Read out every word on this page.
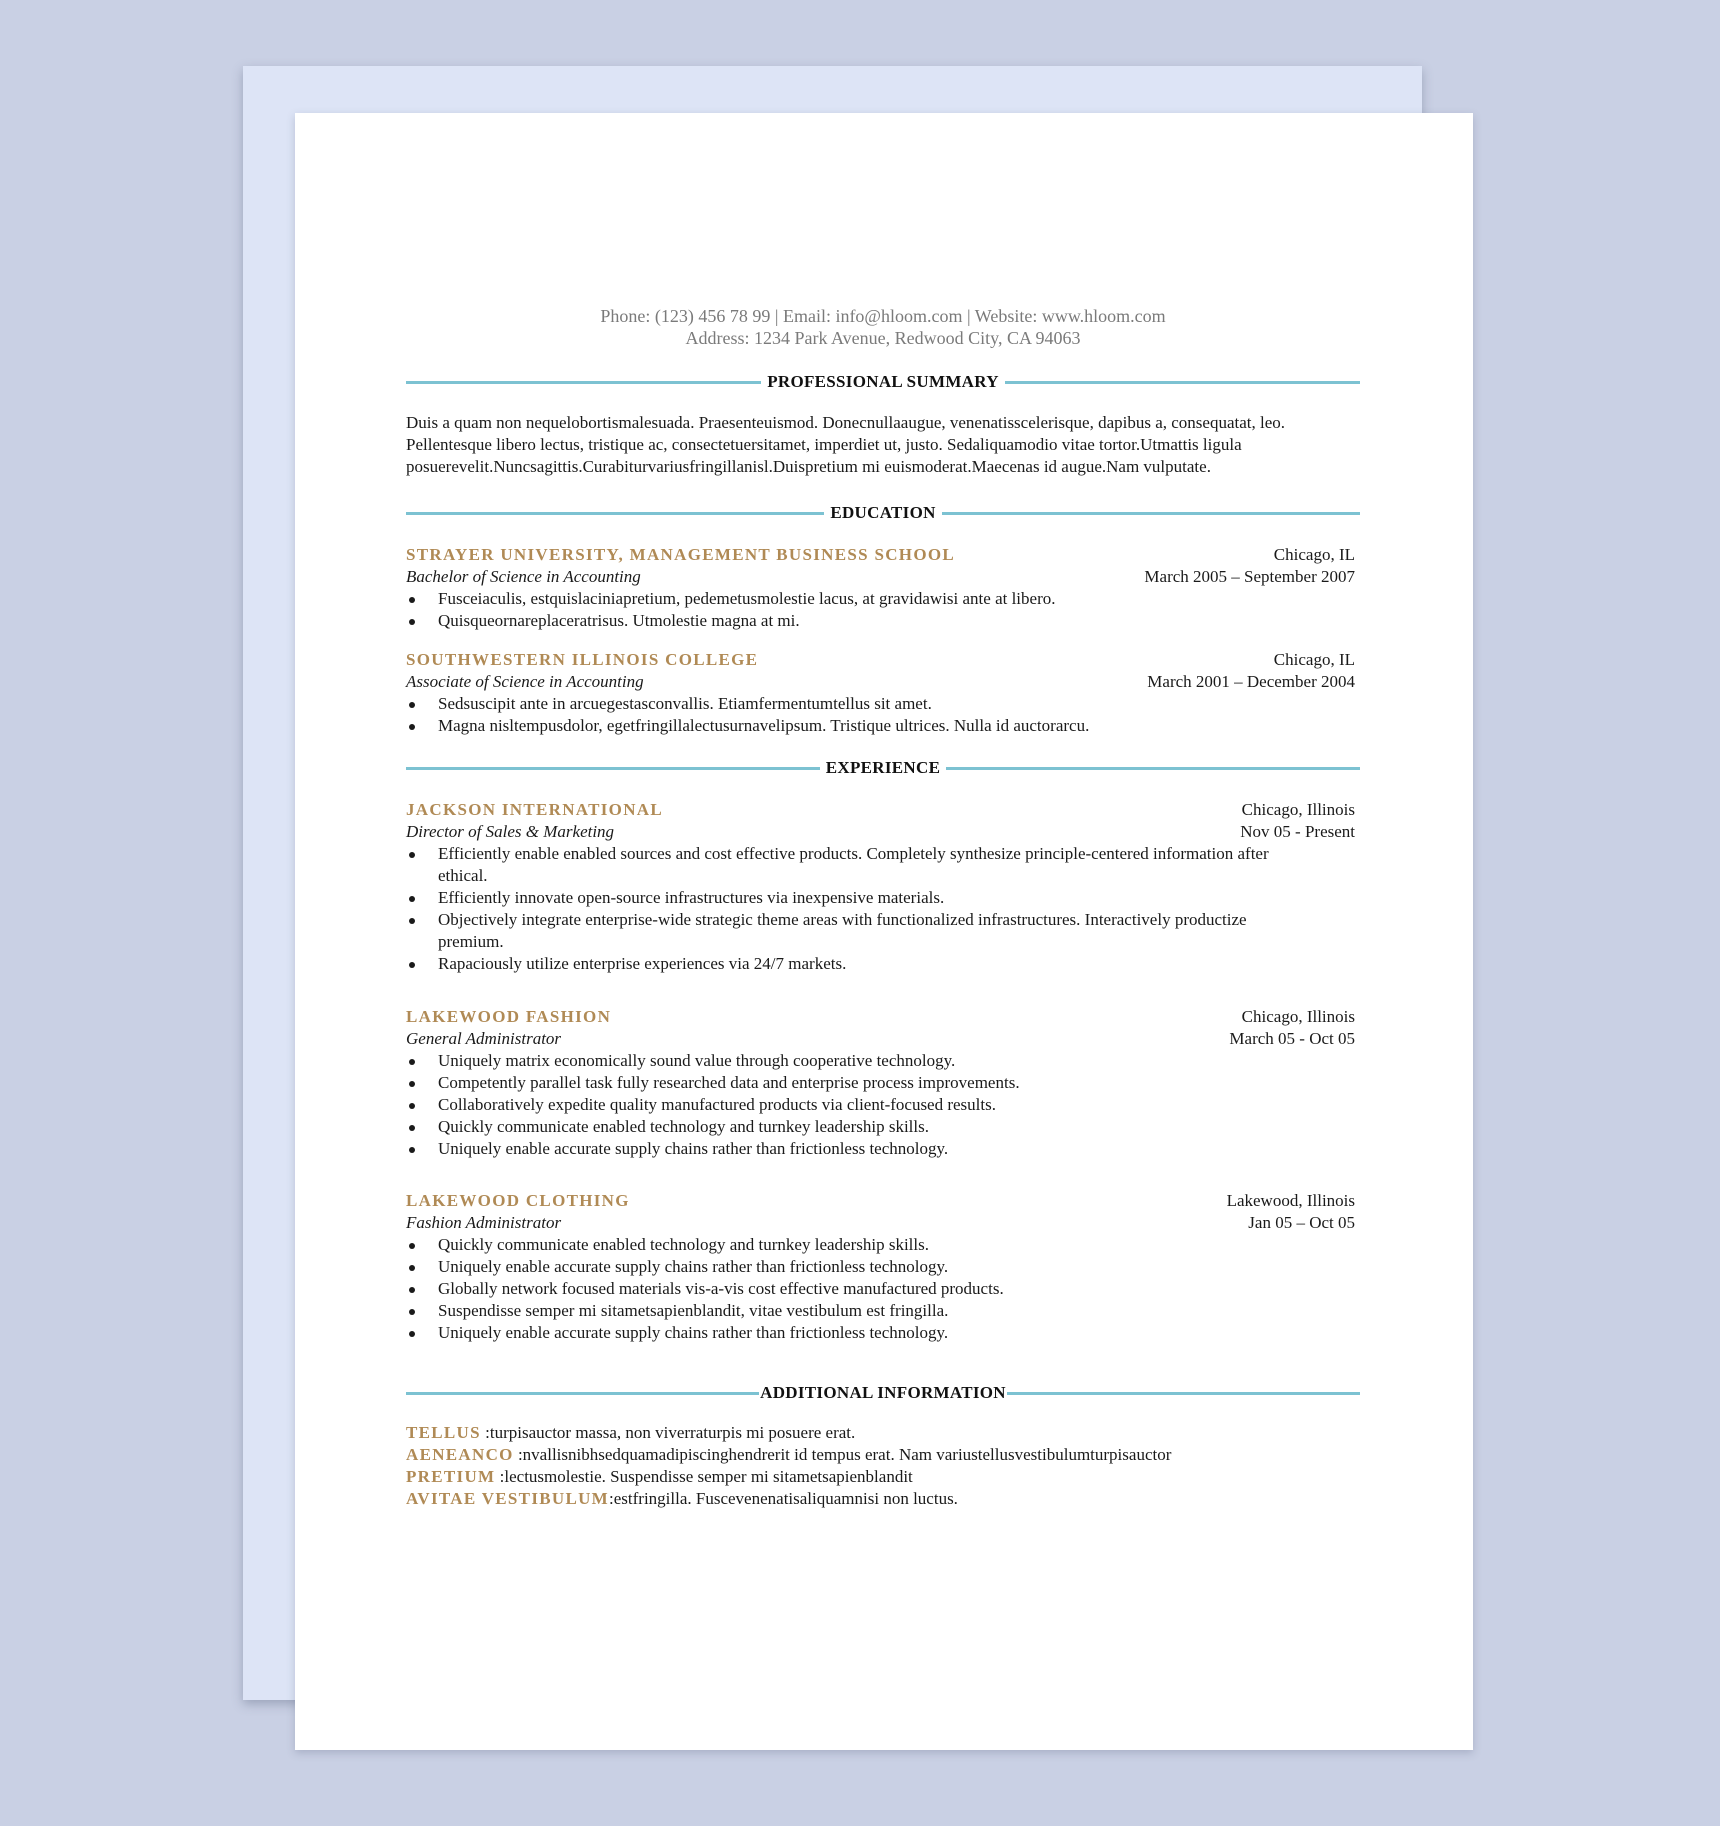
Phone: (123) 456 78 99 | Email: info@hloom.com | Website: www.hloom.com
Address: 1234 Park Avenue, Redwood City, CA 94063
PROFESSIONAL SUMMARY
Duis a quam non nequelobortismalesuada. Praesenteuismod. Donecnullaaugue, venenatisscelerisque, dapibus a, consequatat, leo. Pellentesque libero lectus, tristique ac, consectetuersitamet, imperdiet ut, justo. Sedaliquamodio vitae tortor.Utmattis ligula posuerevelit.Nuncsagittis.Curabiturvariusfringillanisl.Duispretium mi euismoderat.Maecenas id augue.Nam vulputate.
EDUCATION
STRAYER UNIVERSITY, MANAGEMENT BUSINESS SCHOOL	Chicago, IL
Bachelor of Science in Accounting	March 2005 – September 2007
Fusceiaculis, estquislaciniapretium, pedemetusmolestie lacus, at gravidawisi ante at libero.
Quisqueornareplaceratrisus. Utmolestie magna at mi.
SOUTHWESTERN ILLINOIS COLLEGE	Chicago, IL
Associate of Science in Accounting	March 2001 – December 2004
Sedsuscipit ante in arcuegestasconvallis. Etiamfermentumtellus sit amet.
Magna nisltempusdolor, egetfringillalectusurnavelipsum. Tristique ultrices. Nulla id auctorarcu.
EXPERIENCE
JACKSON INTERNATIONAL	Chicago, Illinois
Director of Sales & Marketing	Nov 05 - Present
Efficiently enable enabled sources and cost effective products. Completely synthesize principle-centered information after ethical.
Efficiently innovate open-source infrastructures via inexpensive materials.
Objectively integrate enterprise-wide strategic theme areas with functionalized infrastructures. Interactively productize premium.
Rapaciously utilize enterprise experiences via 24/7 markets.
LAKEWOOD FASHION	Chicago, Illinois
General Administrator	March 05 - Oct 05
Uniquely matrix economically sound value through cooperative technology.
Competently parallel task fully researched data and enterprise process improvements.
Collaboratively expedite quality manufactured products via client-focused results.
Quickly communicate enabled technology and turnkey leadership skills.
Uniquely enable accurate supply chains rather than frictionless technology.
LAKEWOOD CLOTHING	Lakewood, Illinois
Fashion Administrator	Jan 05 – Oct 05
Quickly communicate enabled technology and turnkey leadership skills.
Uniquely enable accurate supply chains rather than frictionless technology.
Globally network focused materials vis-a-vis cost effective manufactured products.
Suspendisse semper mi sitametsapienblandit, vitae vestibulum est fringilla.
Uniquely enable accurate supply chains rather than frictionless technology.
ADDITIONAL INFORMATION
TELLUS :turpisauctor massa, non viverraturpis mi posuere erat.
AENEANCO :nvallisnibhsedquamadipiscinghendrerit id tempus erat. Nam variustellusvestibulumturpisauctor
PRETIUM :lectusmolestie. Suspendisse semper mi sitametsapienblandit
AVITAE VESTIBULUM:estfringilla. Fuscevenenatisaliquamnisi non luctus.
